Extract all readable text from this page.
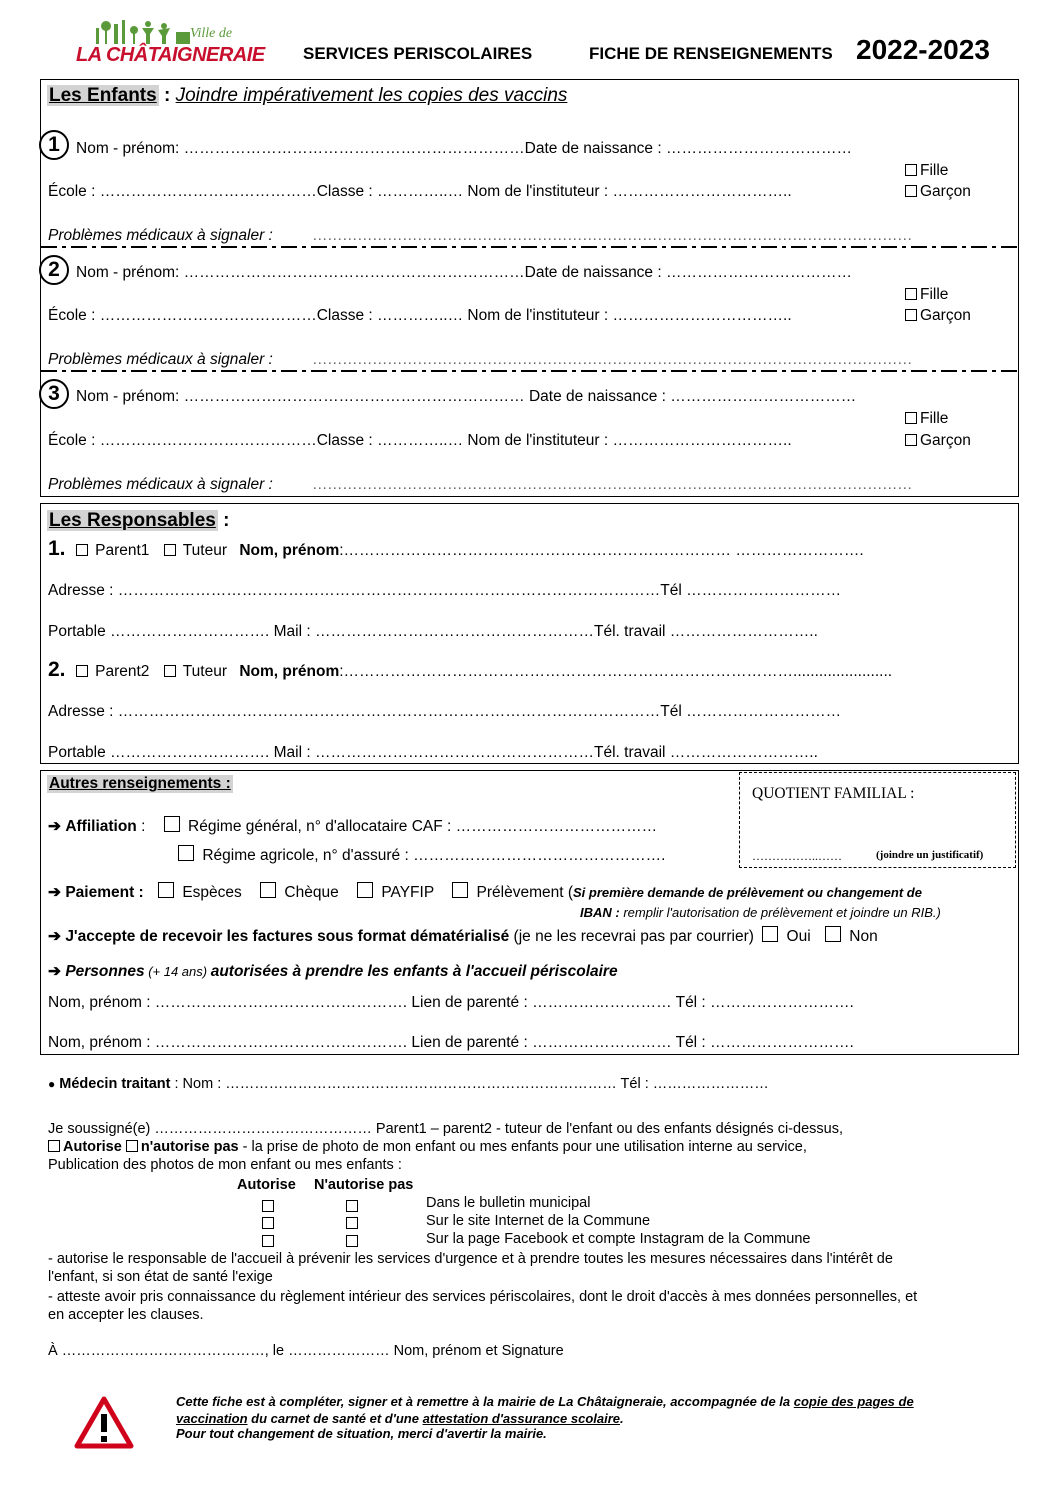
Ville de
LA CHÂTAIGNERAIE SERVICES PERISCOLAIRES	FICHE DE RENSEIGNEMENTS 2022-2023
Les Enfants : Joindre impérativement les copies des vaccins
1	Nom - prénom: …………………………………………………………Date de naissance : ………………………………
Fille
École : ……………………………………Classe : …………..… Nom de l'instituteur : ……………………………..	Garçon
Problèmes médicaux à signaler :	…………………………………………………………………………………………………………
2	Nom - prénom: …………………………………………………………Date de naissance : ………………………………
Fille
École : ……………………………………Classe : …………..… Nom de l'instituteur : ……………………………..	Garçon
Problèmes médicaux à signaler :	…………………………………………………………………………………………………………
3	Nom - prénom: ………………………………………………………… Date de naissance : ………………………………
Fille
École : ……………………………………Classe : …………..… Nom de l'instituteur : ……………………………..	Garçon
Problèmes médicaux à signaler :	…………………………………………………………………………………………………………
Les Responsables :
1. Parent1 Tuteur Nom, prénom:………………………………………………………………… …………………….
Adresse : ……………………………………………………………………………………………Tél …………………………
Portable …………………………. Mail : ………………………………………………Tél. travail ………………………..
2. Parent2 Tuteur Nom, prénom:…………………………………………………………………………….......................
Adresse : ……………………………………………………………………………………………Tél …………………………
Portable …………………………. Mail : ………………………………………………Tél. travail ………………………..
Autres renseignements :
QUOTIENT FAMILIAL :
……………..……	(joindre un justificatif)
➔ Affiliation :	Régime général, n° d'allocataire CAF : …………………………………
Régime agricole, n° d'assuré : ………………………………………….
➔ Paiement : Espèces	Chèque	PAYFIP	Prélèvement (Si première demande de prélèvement ou changement de
IBAN : remplir l'autorisation de prélèvement et joindre un RIB.)
➔ J'accepte de recevoir les factures sous format dématérialisé (je ne les recevrai pas par courrier) Oui Non
➔ Personnes (+ 14 ans) autorisées à prendre les enfants à l'accueil périscolaire
Nom, prénom : …………………………………………. Lien de parenté : ……………………… Tél : ……………………….
Nom, prénom : …………………………………………. Lien de parenté : ……………………… Tél : ……………………….
● Médecin traitant : Nom : ……………………………………………………………………… Tél : ……………………
Je soussigné(e) ……………………………………… Parent1 – parent2 - tuteur de l'enfant ou des enfants désignés ci-dessus,
Autorise n'autorise pas - la prise de photo de mon enfant ou mes enfants pour une utilisation interne au service,
Publication des photos de mon enfant ou mes enfants :
Autorise N'autorise pas
Dans le bulletin municipal
Sur le site Internet de la Commune
Sur la page Facebook et compte Instagram de la Commune
- autorise le responsable de l'accueil à prévenir les services d'urgence et à prendre toutes les mesures nécessaires dans l'intérêt de
l'enfant, si son état de santé l'exige
- atteste avoir pris connaissance du règlement intérieur des services périscolaires, dont le droit d'accès à mes données personnelles, et
en accepter les clauses.
À ……………………………………, le ………………… Nom, prénom et Signature
Cette fiche est à compléter, signer et à remettre à la mairie de La Châtaigneraie, accompagnée de la copie des pages de
vaccination du carnet de santé et d'une attestation d'assurance scolaire.
Pour tout changement de situation, merci d'avertir la mairie.
